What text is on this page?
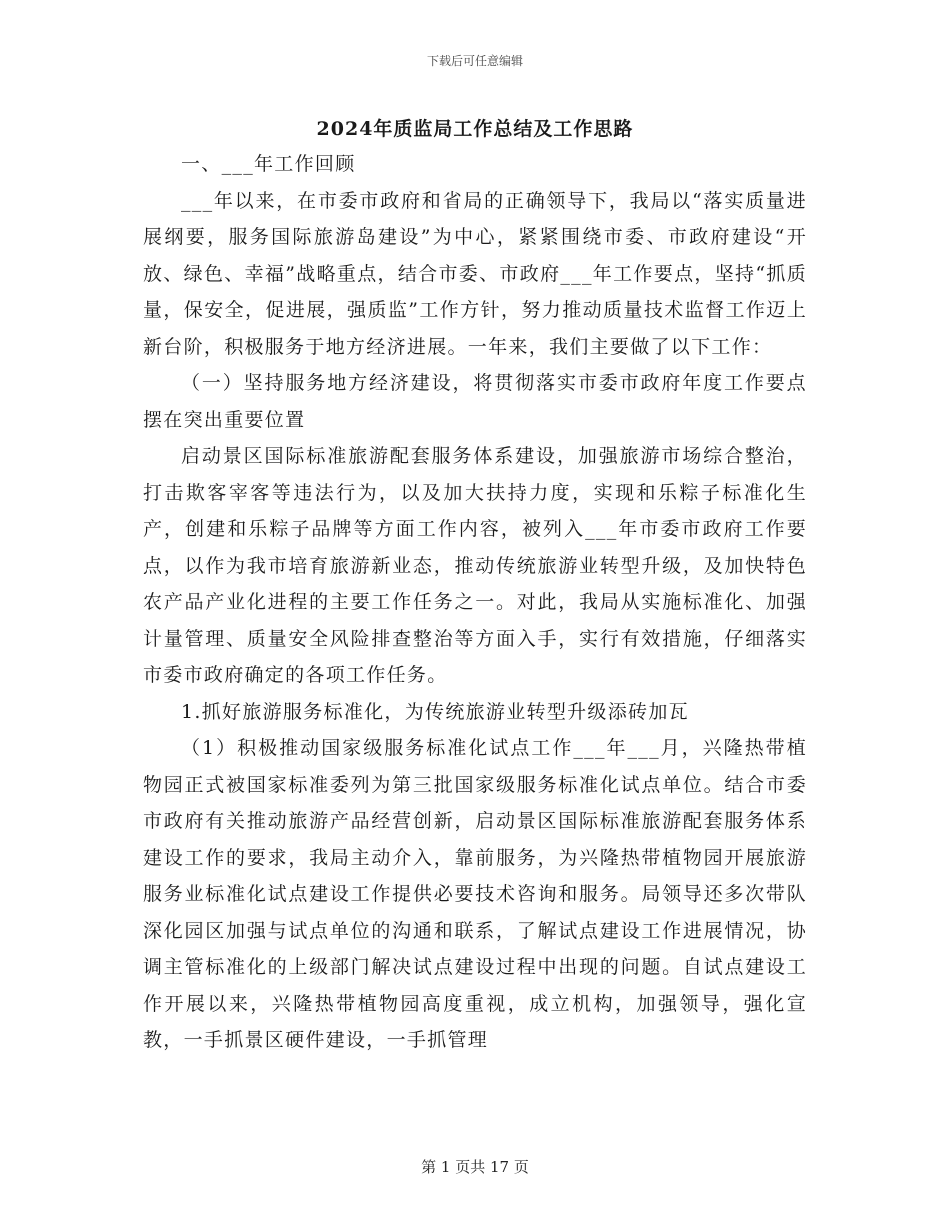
下载后可任意编辑
2024年质监局工作总结及工作思路

一、___年工作回顾

___年以来，在市委市政府和省局的正确领导下，我局以“落实质量进展纲要，服务国际旅游岛建设”为中心，紧紧围绕市委、市政府建设“开放、绿色、幸福”战略重点，结合市委、市政府___年工作要点，坚持“抓质量，保安全，促进展，强质监”工作方针，努力推动质量技术监督工作迈上新台阶，积极服务于地方经济进展。一年来，我们主要做了以下工作：

（一）坚持服务地方经济建设，将贯彻落实市委市政府年度工作要点摆在突出重要位置

启动景区国际标准旅游配套服务体系建设，加强旅游市场综合整治，打击欺客宰客等违法行为，以及加大扶持力度，实现和乐粽子标准化生产，创建和乐粽子品牌等方面工作内容，被列入___年市委市政府工作要点，以作为我市培育旅游新业态，推动传统旅游业转型升级，及加快特色农产品产业化进程的主要工作任务之一。对此，我局从实施标准化、加强计量管理、质量安全风险排查整治等方面入手，实行有效措施，仔细落实市委市政府确定的各项工作任务。

1.抓好旅游服务标准化，为传统旅游业转型升级添砖加瓦

（1）积极推动国家级服务标准化试点工作___年___月，兴隆热带植物园正式被国家标准委列为第三批国家级服务标准化试点单位。结合市委市政府有关推动旅游产品经营创新，启动景区国际标准旅游配套服务体系建设工作的要求，我局主动介入，靠前服务，为兴隆热带植物园开展旅游服务业标准化试点建设工作提供必要技术咨询和服务。局领导还多次带队深化园区加强与试点单位的沟通和联系，了解试点建设工作进展情况，协调主管标准化的上级部门解决试点建设过程中出现的问题。自试点建设工作开展以来，兴隆热带植物园高度重视，成立机构，加强领导，强化宣教，一手抓景区硬件建设，一手抓管理

第 1 页共 17 页
